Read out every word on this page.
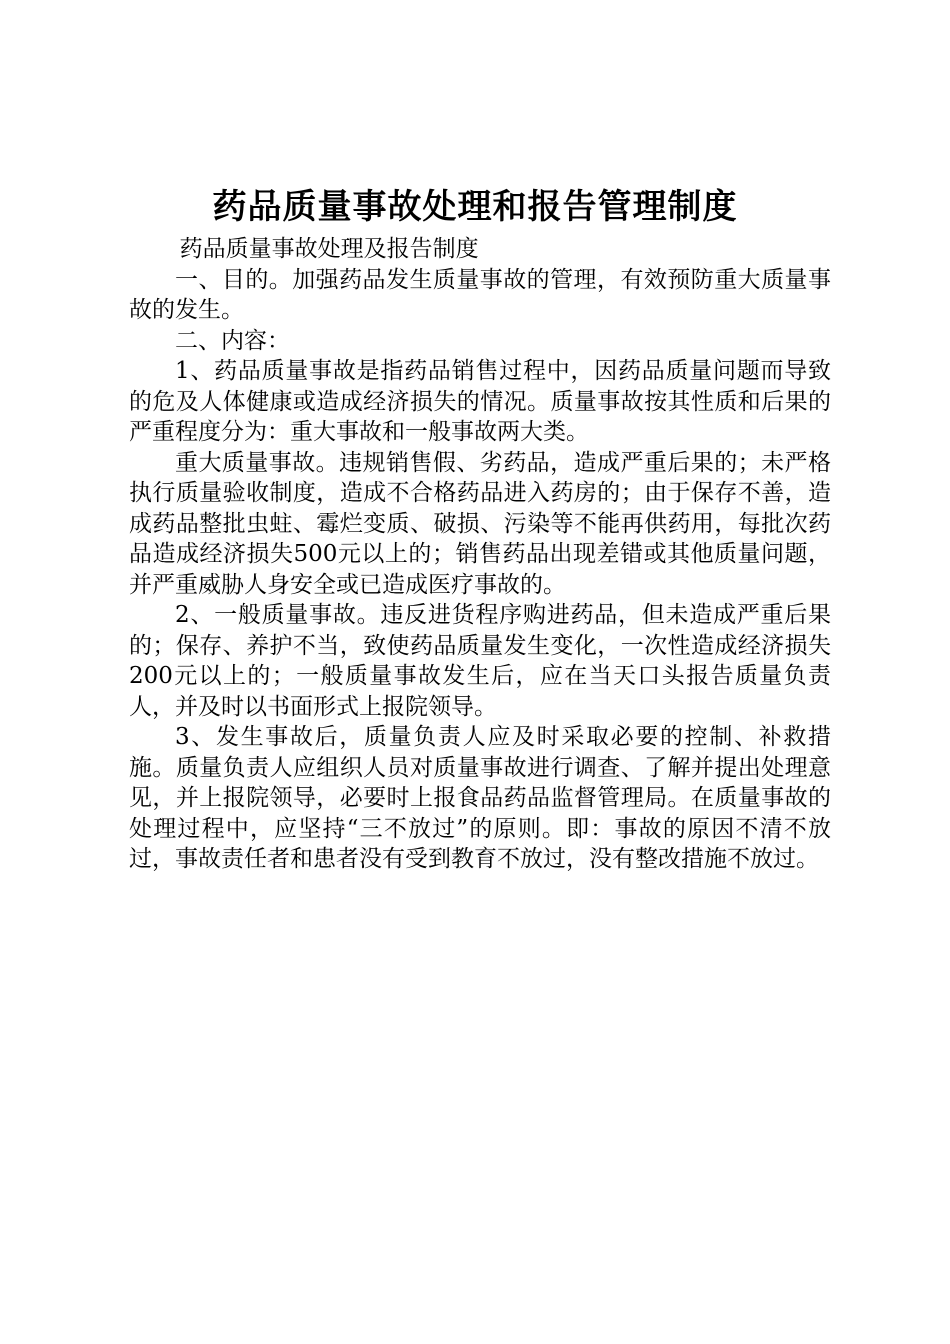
药品质量事故处理和报告管理制度

药品质量事故处理及报告制度

一、目的。加强药品发生质量事故的管理，有效预防重大质量事故的发生。

二、内容：

1、药品质量事故是指药品销售过程中，因药品质量问题而导致的危及人体健康或造成经济损失的情况。质量事故按其性质和后果的严重程度分为：重大事故和一般事故两大类。

重大质量事故。违规销售假、劣药品，造成严重后果的；未严格执行质量验收制度，造成不合格药品进入药房的；由于保存不善，造成药品整批虫蛀、霉烂变质、破损、污染等不能再供药用，每批次药品造成经济损失500元以上的；销售药品出现差错或其他质量问题，并严重威胁人身安全或已造成医疗事故的。

2、一般质量事故。违反进货程序购进药品，但未造成严重后果的；保存、养护不当，致使药品质量发生变化，一次性造成经济损失200元以上的；一般质量事故发生后，应在当天口头报告质量负责人，并及时以书面形式上报院领导。

3、发生事故后，质量负责人应及时采取必要的控制、补救措施。质量负责人应组织人员对质量事故进行调查、了解并提出处理意见，并上报院领导，必要时上报食品药品监督管理局。在质量事故的处理过程中，应坚持“三不放过”的原则。即：事故的原因不清不放过，事故责任者和患者没有受到教育不放过，没有整改措施不放过。
